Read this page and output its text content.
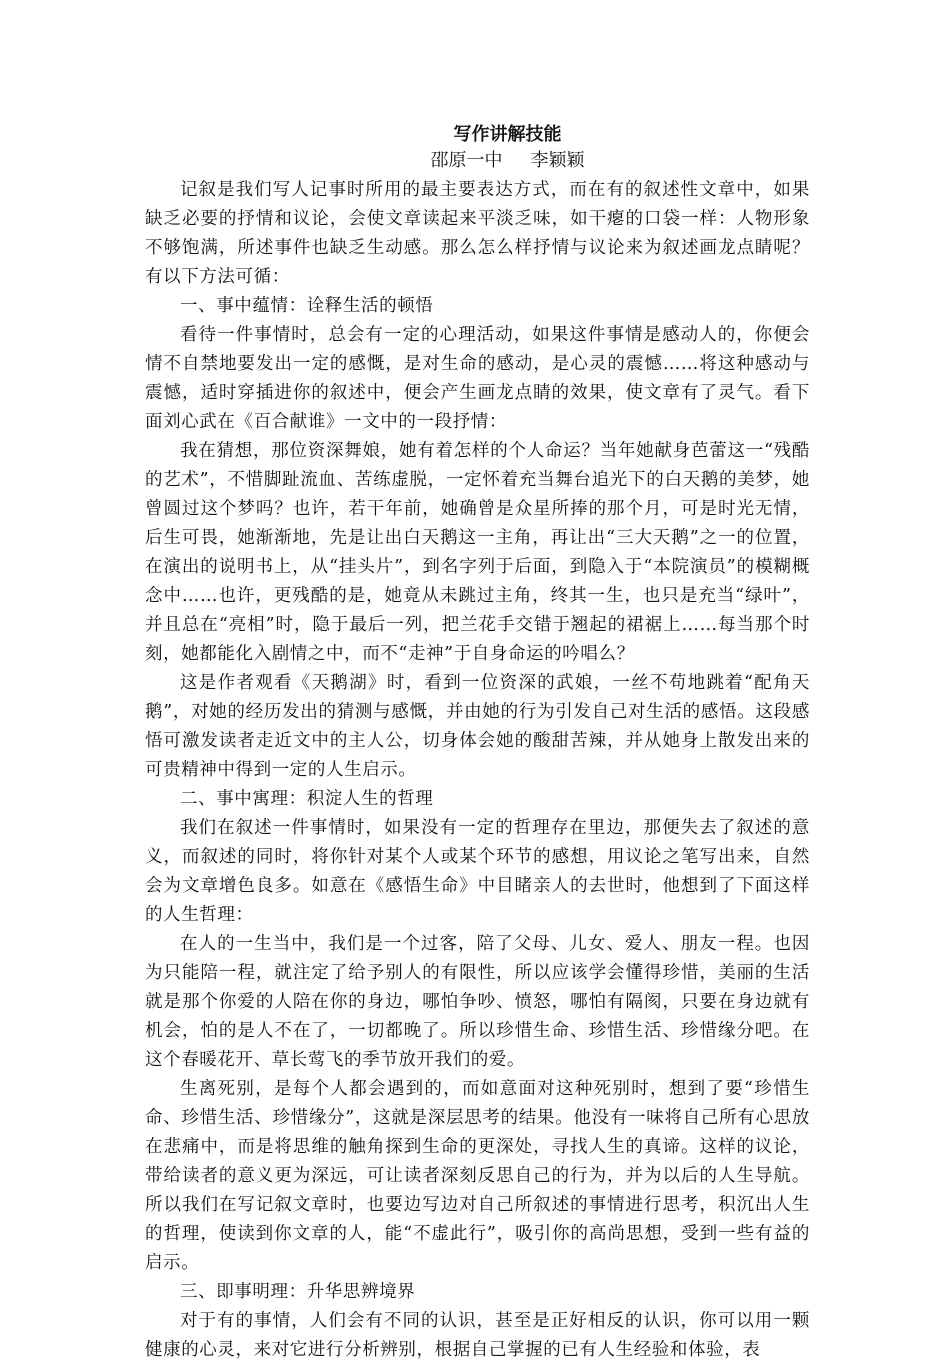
写作讲解技能
邵原一中 李颖颖

记叙是我们写人记事时所用的最主要表达方式，而在有的叙述性文章中，如果缺乏必要的抒情和议论，会使文章读起来平淡乏味，如干瘪的口袋一样：人物形象不够饱满，所述事件也缺乏生动感。那么怎么样抒情与议论来为叙述画龙点睛呢？有以下方法可循：

一、事中蕴情：诠释生活的顿悟

看待一件事情时，总会有一定的心理活动，如果这件事情是感动人的，你便会情不自禁地要发出一定的感慨，是对生命的感动，是心灵的震憾……将这种感动与震憾，适时穿插进你的叙述中，便会产生画龙点睛的效果，使文章有了灵气。看下面刘心武在《百合献谁》一文中的一段抒情：

我在猜想，那位资深舞娘，她有着怎样的个人命运？当年她献身芭蕾这一“残酷的艺术”，不惜脚趾流血、苦练虚脱，一定怀着充当舞台追光下的白天鹅的美梦，她曾圆过这个梦吗？也许，若干年前，她确曾是众星所捧的那个月，可是时光无情，后生可畏，她渐渐地，先是让出白天鹅这一主角，再让出“三大天鹅”之一的位置，在演出的说明书上，从“挂头片”，到名字列于后面，到隐入于“本院演员”的模糊概念中……也许，更残酷的是，她竟从未跳过主角，终其一生，也只是充当“绿叶”，并且总在“亮相”时，隐于最后一列，把兰花手交错于翘起的裙裾上……每当那个时刻，她都能化入剧情之中，而不“走神”于自身命运的吟唱么？

这是作者观看《天鹅湖》时，看到一位资深的武娘，一丝不苟地跳着“配角天鹅”，对她的经历发出的猜测与感慨，并由她的行为引发自己对生活的感悟。这段感悟可激发读者走近文中的主人公，切身体会她的酸甜苦辣，并从她身上散发出来的可贵精神中得到一定的人生启示。

二、事中寓理：积淀人生的哲理

我们在叙述一件事情时，如果没有一定的哲理存在里边，那便失去了叙述的意义，而叙述的同时，将你针对某个人或某个环节的感想，用议论之笔写出来，自然会为文章增色良多。如意在《感悟生命》中目睹亲人的去世时，他想到了下面这样的人生哲理：

在人的一生当中，我们是一个过客，陪了父母、儿女、爱人、朋友一程。也因为只能陪一程，就注定了给予别人的有限性，所以应该学会懂得珍惜，美丽的生活就是那个你爱的人陪在你的身边，哪怕争吵、愤怒，哪怕有隔阂，只要在身边就有机会，怕的是人不在了，一切都晚了。所以珍惜生命、珍惜生活、珍惜缘分吧。在这个春暖花开、草长莺飞的季节放开我们的爱。

生离死别，是每个人都会遇到的，而如意面对这种死别时，想到了要“珍惜生命、珍惜生活、珍惜缘分”，这就是深层思考的结果。他没有一味将自己所有心思放在悲痛中，而是将思维的触角探到生命的更深处，寻找人生的真谛。这样的议论，带给读者的意义更为深远，可让读者深刻反思自己的行为，并为以后的人生导航。所以我们在写记叙文章时，也要边写边对自己所叙述的事情进行思考，积沉出人生的哲理，使读到你文章的人，能“不虚此行”，吸引你的高尚思想，受到一些有益的启示。

三、即事明理：升华思辨境界

对于有的事情，人们会有不同的认识，甚至是正好相反的认识，你可以用一颗健康的心灵，来对它进行分析辨别，根据自己掌握的已有人生经验和体验，表
